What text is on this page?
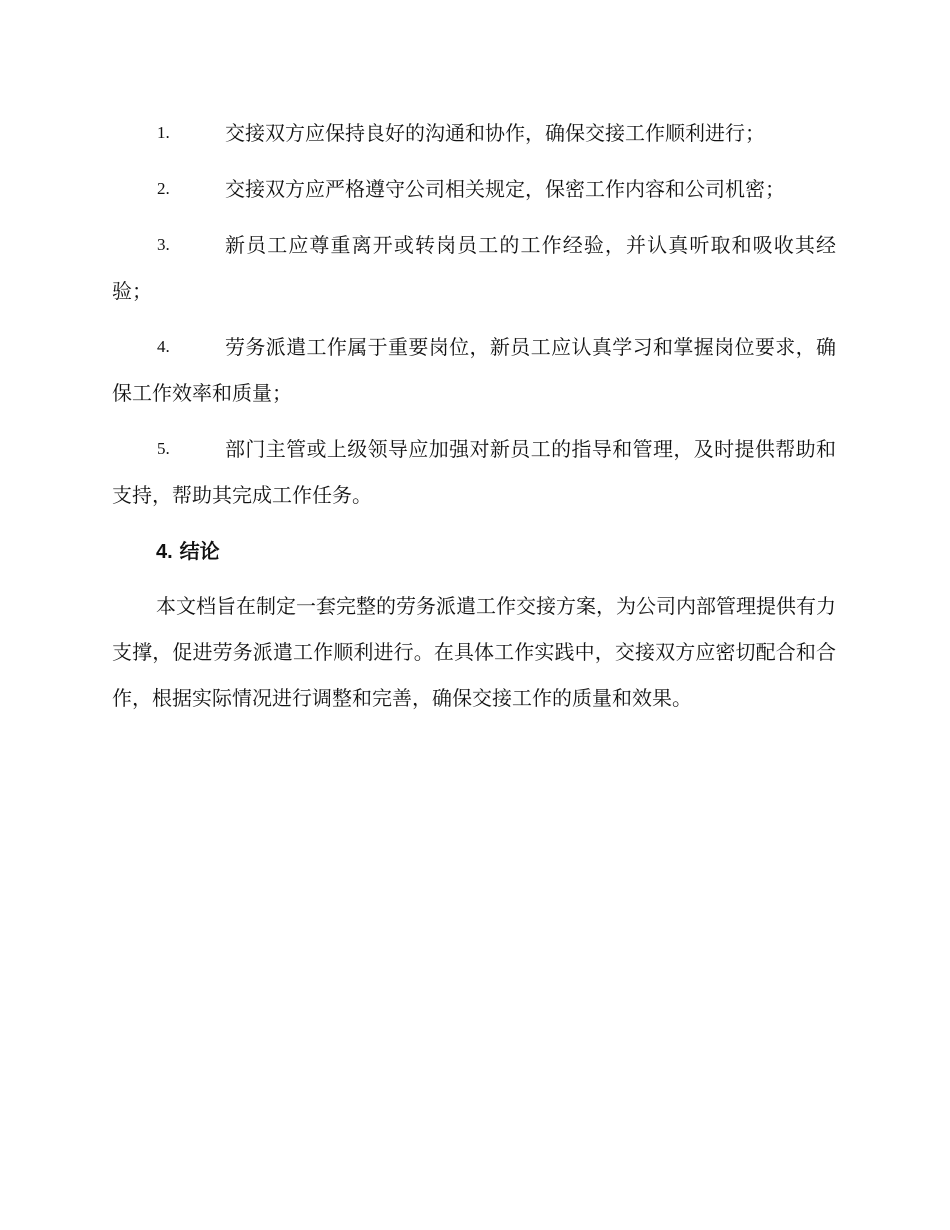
1.	交接双方应保持良好的沟通和协作，确保交接工作顺利进行；
2.	交接双方应严格遵守公司相关规定，保密工作内容和公司机密；
3.	新员工应尊重离开或转岗员工的工作经验，并认真听取和吸收其经验；
4.	劳务派遣工作属于重要岗位，新员工应认真学习和掌握岗位要求，确保工作效率和质量；
5.	部门主管或上级领导应加强对新员工的指导和管理，及时提供帮助和支持，帮助其完成工作任务。
4. 结论
本文档旨在制定一套完整的劳务派遣工作交接方案，为公司内部管理提供有力支撑，促进劳务派遣工作顺利进行。在具体工作实践中，交接双方应密切配合和合作，根据实际情况进行调整和完善，确保交接工作的质量和效果。
